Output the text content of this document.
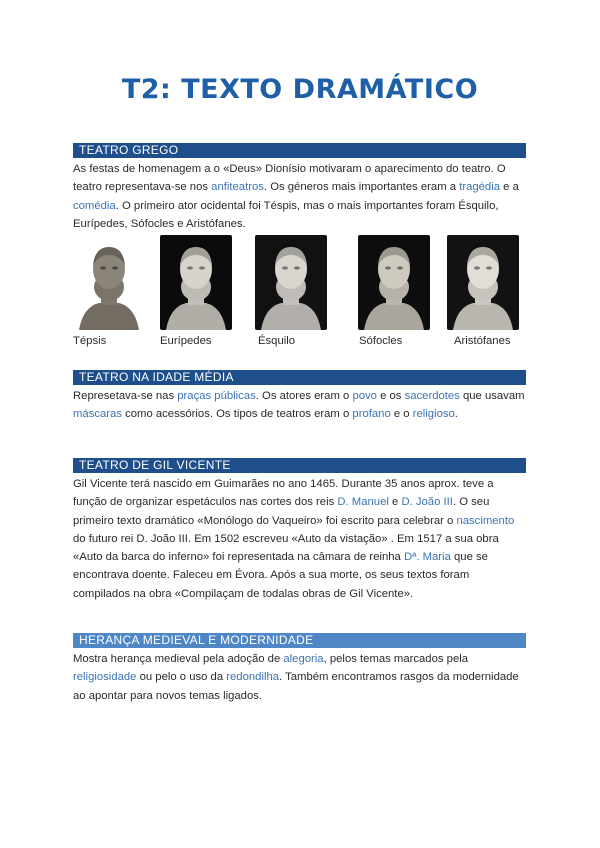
T2: TEXTO DRAMÁTICO
TEATRO GREGO

As festas de homenagem a o «Deus» Dionísio motivaram o aparecimento do teatro. O teatro representava-se nos anfiteatros. Os géneros mais importantes eram a tragédia e a comédia. O primeiro ator ocidental foi Téspis, mas o mais importantes foram Ésquilo, Eurípedes, Sófocles e Aristófanes.

Tépsis	Eurípedes	Ésquilo	Sófocles	Aristófanes
TEATRO NA IDADE MÉDIA

Represetava-se nas praças públicas. Os atores eram o povo e os sacerdotes que usavam máscaras como acessórios. Os tipos de teatros eram o profano e o religioso.

TEATRO DE GIL VICENTE

Gil Vicente terá nascido em Guimarães no ano 1465. Durante 35 anos aprox. teve a função de organizar espetáculos nas cortes dos reis D. Manuel e D. João III. O seu primeiro texto dramático «Monólogo do Vaqueiro» foi escrito para celebrar o nascimento do futuro rei D. João III. Em 1502 escreveu «Auto da vistação» . Em 1517 a sua obra «Auto da barca do inferno» foi representada na câmara de reinha Dª. Maria que se encontrava doente. Faleceu em Évora. Após a sua morte, os seus textos foram compilados na obra «Compilaçam de todalas obras de Gil Vicente».

HERANÇA MEDIEVAL E MODERNIDADE

Mostra herança medieval pela adoção de alegoria, pelos temas marcados pela religiosidade ou pelo o uso da redondilha. Também encontramos rasgos da modernidade ao apontar para novos temas ligados.
